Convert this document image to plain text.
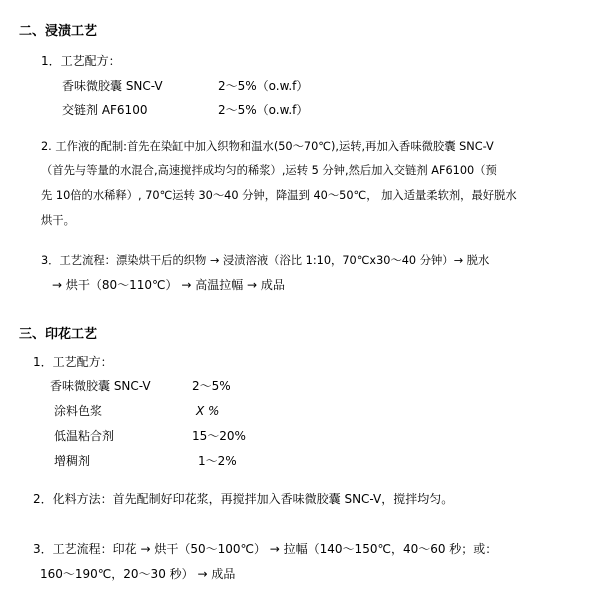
二、浸渍工艺
1．工艺配方：
香味微胶囊 SNC-V	2～5%（o.w.f）
交链剂 AF6100	2～5%（o.w.f）
2. 工作液的配制:首先在染缸中加入织物和温水(50～70℃),运转,再加入香味微胶囊 SNC-V
（首先与等量的水混合,高速搅拌成均匀的稀浆）,运转 5 分钟,然后加入交链剂 AF6100（预
先 10倍的水稀释）, 70℃运转 30～40 分钟，降温到 40～50℃， 加入适量柔软剂，最好脱水
烘干。
3．工艺流程：漂染烘干后的织物 → 浸渍溶液（浴比 1:10，70℃x30～40 分钟）→ 脱水
→ 烘干（80～110℃） → 高温拉幅 → 成品
三、印花工艺
1．工艺配方：
香味微胶囊 SNC-V	2～5%
涂料色浆	X %
低温粘合剂	15～20%
增稠剂	1～2%
2．化料方法：首先配制好印花浆，再搅拌加入香味微胶囊 SNC-V，搅拌均匀。
3．工艺流程：印花 → 烘干（50～100℃） → 拉幅（140～150℃，40～60 秒；或：
160～190℃，20～30 秒） → 成品
